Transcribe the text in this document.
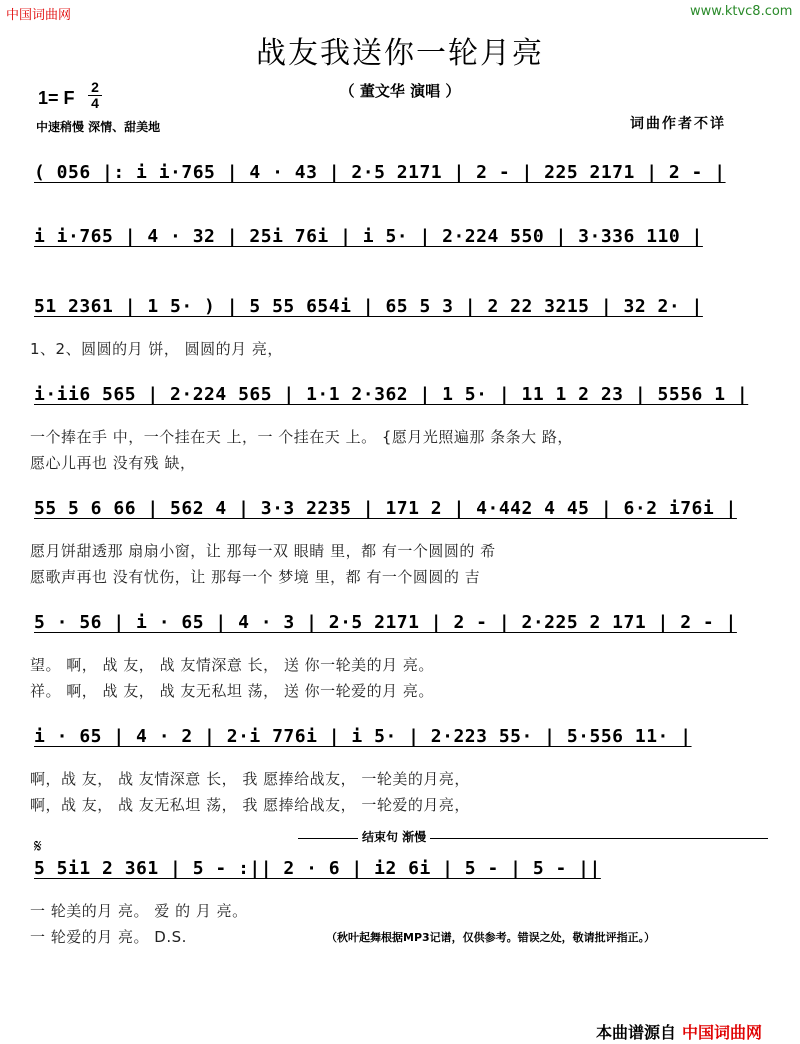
中国词曲网	www.ktvc8.com
战友我送你一轮月亮
（ 董文华 演唱 ）
1= F $\frac{2}{4}$
中速稍慢 深情、甜美地	词曲作者不详
( 056 |: i i·765 | 4 · 43 | 2·5 2171 | 2 - | 225 2171 | 2 - |
i i·765 | 4 · 32 | 25i 76i | i 5· | 2·224 550 | 3·336 110 |
51 2361 | 1 5· ) | 5 55 654i | 65 5 3 | 2 22 3215 | 32 2· |
1、2、圆圆的月 饼， 圆圆的月 亮，
i·ii6 565 | 2·224 565 | 1·1 2·362 | 1 5· | 11 1 2 23 | 5556 1 |
一个捧在手 中，一个挂在天 上，一 个挂在天 上。 {愿月光照遍那 条条大 路，
愿心儿再也 没有残 缺，
55 5 6 66 | 562 4 | 3·3 2235 | 171 2 | 4·442 4 45 | 6·2 i76i |
愿月饼甜透那 扇扇小窗，让 那每一双 眼睛 里，都 有一个圆圆的 希
愿歌声再也 没有忧伤，让 那每一个 梦境 里，都 有一个圆圆的 吉
5 · 56 | i · 65 | 4 · 3 | 2·5 2171 | 2 - | 2·225 2 171 | 2 - |
望。 啊， 战 友， 战 友情深意 长， 送 你一轮美的月 亮。
祥。 啊， 战 友， 战 友无私坦 荡， 送 你一轮爱的月 亮。
i · 65 | 4 · 2 | 2·i 776i | i 5· | 2·223 55· | 5·556 11· |
啊，战 友， 战 友情深意 长， 我 愿捧给战友， 一轮美的月亮，
啊，战 友， 战 友无私坦 荡， 我 愿捧给战友， 一轮爱的月亮，
𝄋	结束句 渐慢
5 5i1 2 361 | 5 - :|| 2 · 6 | i2 6i | 5 - | 5 - ||
一 轮美的月 亮。 爱 的 月 亮。
一 轮爱的月 亮。 D.S.	（秋叶起舞根据MP3记谱，仅供参考。错误之处，敬请批评指正。）
本曲谱源自 中国词曲网
